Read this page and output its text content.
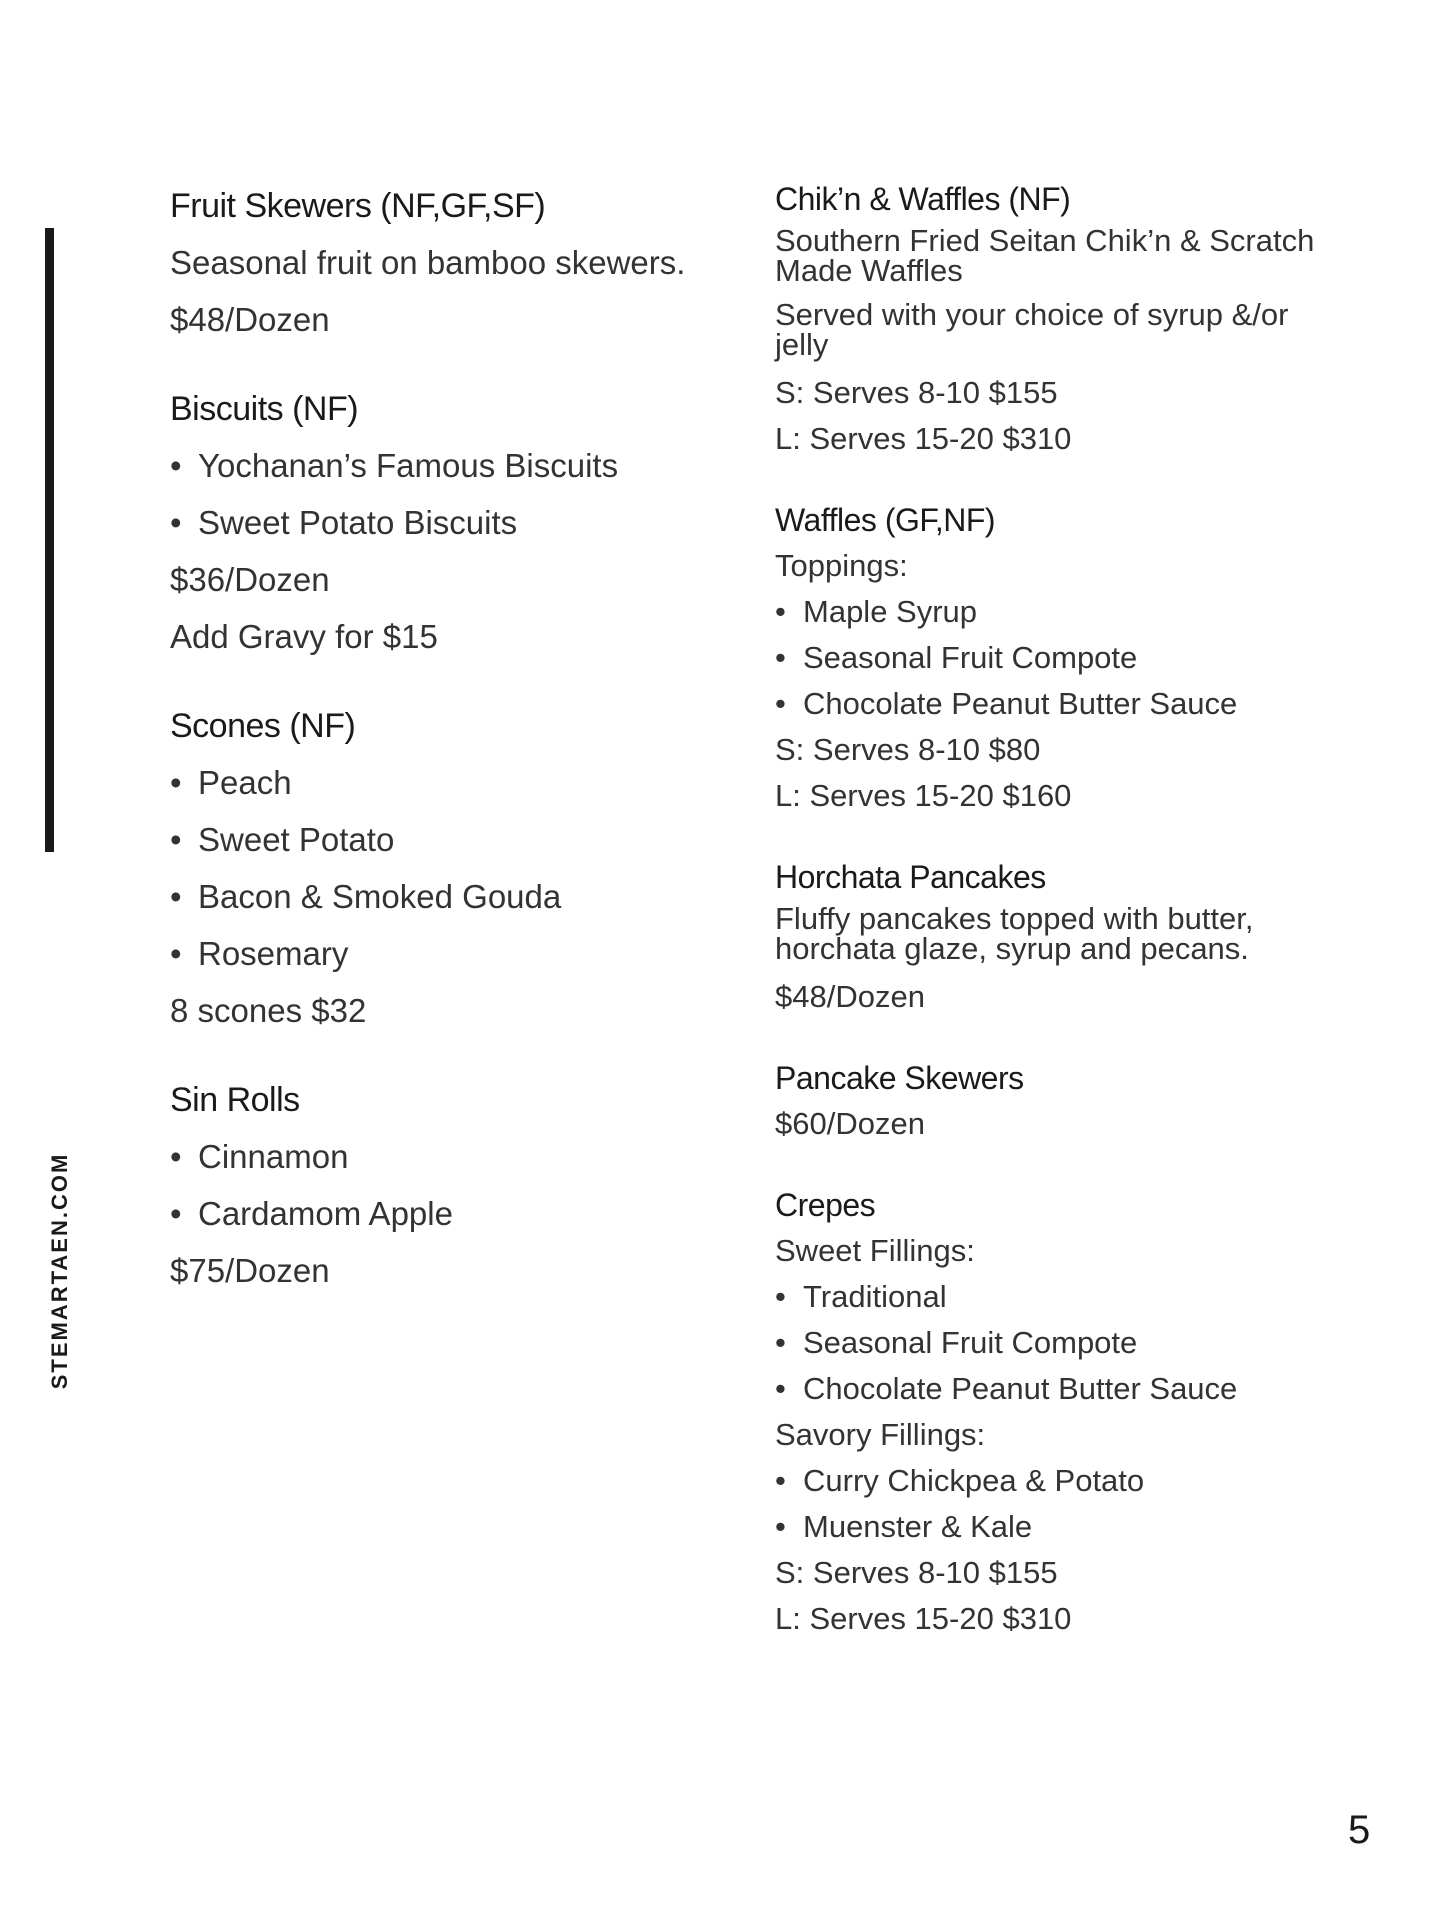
STEMARTAEN.COM
Fruit Skewers (NF,GF,SF)
Seasonal fruit on bamboo skewers.
$48/Dozen
Biscuits (NF)
• Yochanan’s Famous Biscuits
• Sweet Potato Biscuits
$36/Dozen
Add Gravy for $15
Scones (NF)
• Peach
• Sweet Potato
• Bacon & Smoked Gouda
• Rosemary
8 scones $32
Sin Rolls
• Cinnamon
• Cardamom Apple
$75/Dozen
Chik’n & Waffles (NF)
Southern Fried Seitan Chik’n & Scratch Made Waffles
Served with your choice of syrup &/or jelly
S: Serves 8-10 $155
L: Serves 15-20 $310
Waffles (GF,NF)
Toppings:
• Maple Syrup
• Seasonal Fruit Compote
• Chocolate Peanut Butter Sauce
S: Serves 8-10 $80
L: Serves 15-20 $160
Horchata Pancakes
Fluffy pancakes topped with butter, horchata glaze, syrup and pecans.
$48/Dozen
Pancake Skewers
$60/Dozen
Crepes
Sweet Fillings:
• Traditional
• Seasonal Fruit Compote
• Chocolate Peanut Butter Sauce
Savory Fillings:
• Curry Chickpea & Potato
• Muenster & Kale
S: Serves 8-10 $155
L: Serves 15-20 $310
5
